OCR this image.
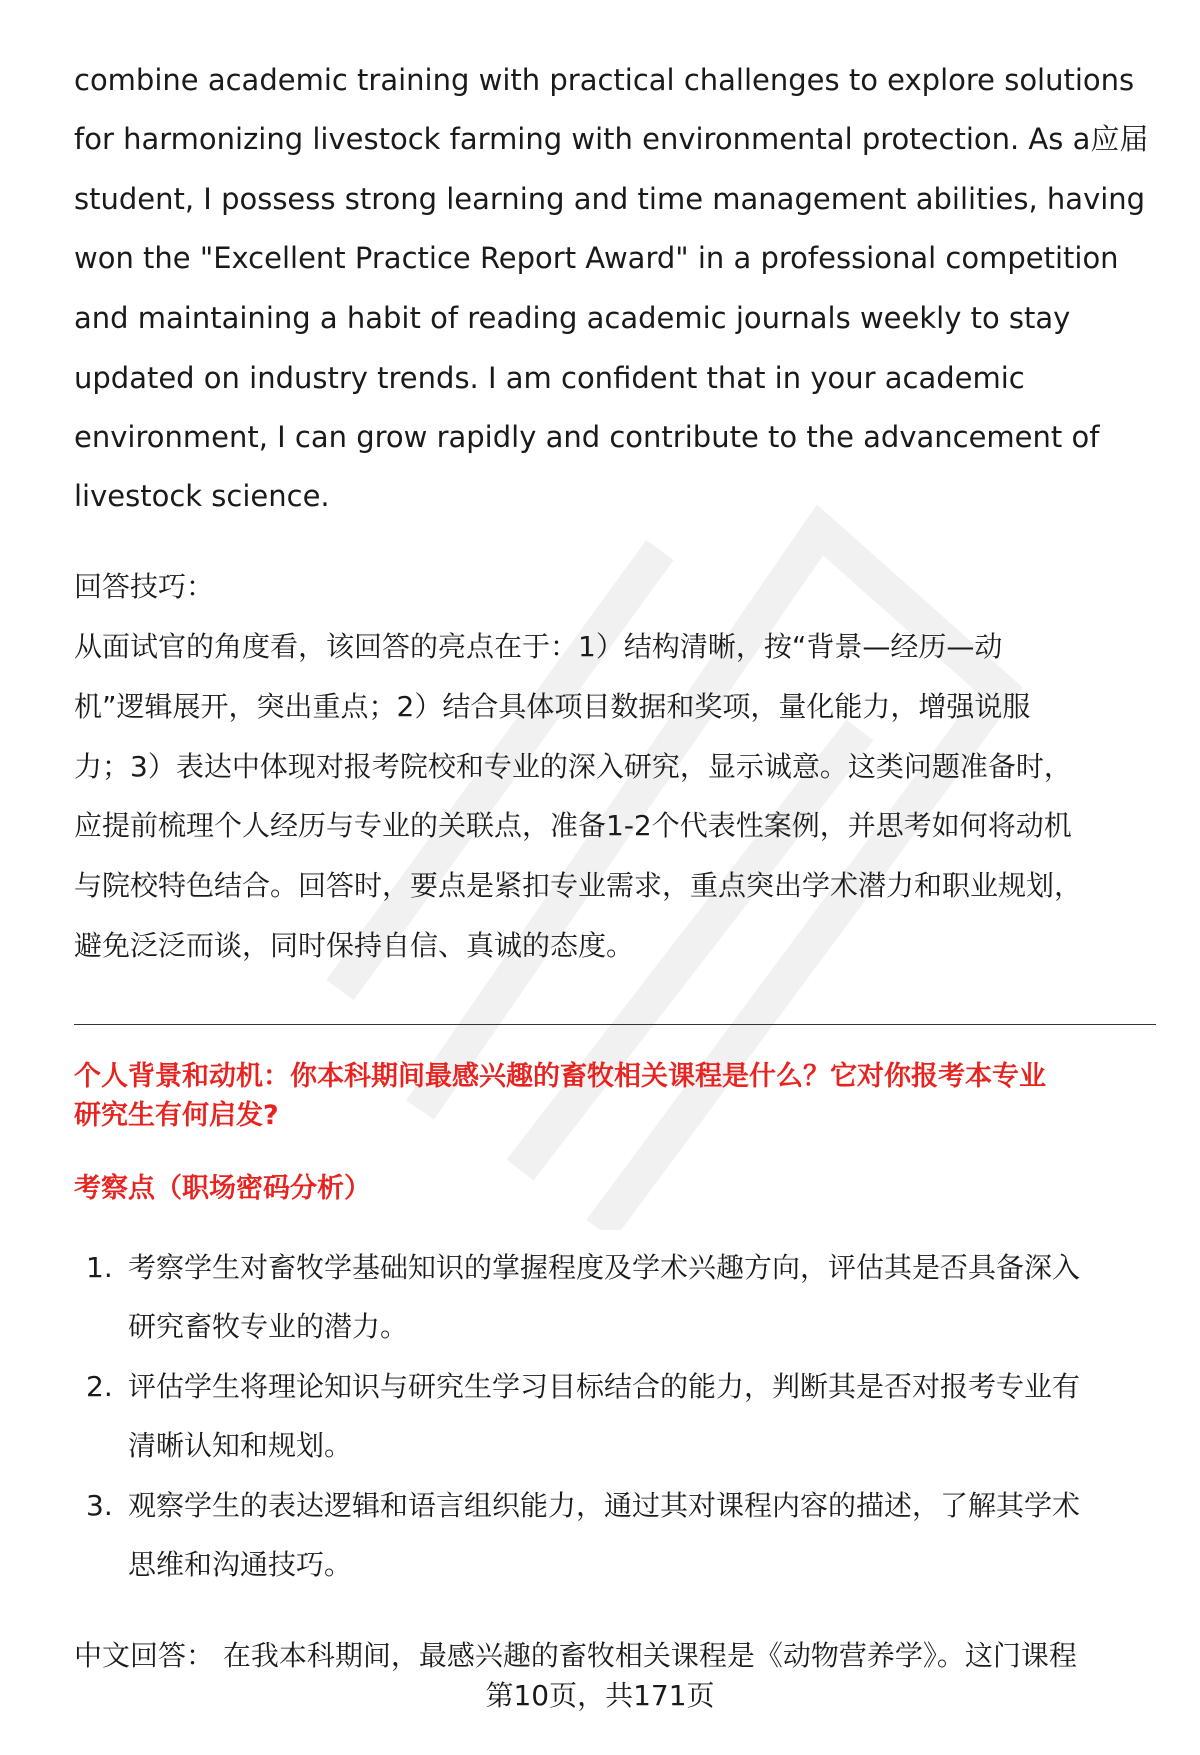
combine academic training with practical challenges to explore solutions
for harmonizing livestock farming with environmental protection. As a应届
student, I possess strong learning and time management abilities, having
won the "Excellent Practice Report Award" in a professional competition
and maintaining a habit of reading academic journals weekly to stay
updated on industry trends. I am confident that in your academic
environment, I can grow rapidly and contribute to the advancement of
livestock science.
回答技巧：
从面试官的角度看，该回答的亮点在于：1）结构清晰，按“背景—经历—动
机”逻辑展开，突出重点；2）结合具体项目数据和奖项，量化能力，增强说服
力；3）表达中体现对报考院校和专业的深入研究，显示诚意。这类问题准备时，
应提前梳理个人经历与专业的关联点，准备1-2个代表性案例，并思考如何将动机
与院校特色结合。回答时，要点是紧扣专业需求，重点突出学术潜力和职业规划，
避免泛泛而谈，同时保持自信、真诚的态度。
个人背景和动机：你本科期间最感兴趣的畜牧相关课程是什么？它对你报考本专业
研究生有何启发?
考察点（职场密码分析）
1. 考察学生对畜牧学基础知识的掌握程度及学术兴趣方向，评估其是否具备深入
研究畜牧专业的潜力。
2. 评估学生将理论知识与研究生学习目标结合的能力，判断其是否对报考专业有
清晰认知和规划。
3. 观察学生的表达逻辑和语言组织能力，通过其对课程内容的描述，了解其学术
思维和沟通技巧。
中文回答： 在我本科期间，最感兴趣的畜牧相关课程是《动物营养学》。这门课程
第10页，共171页
